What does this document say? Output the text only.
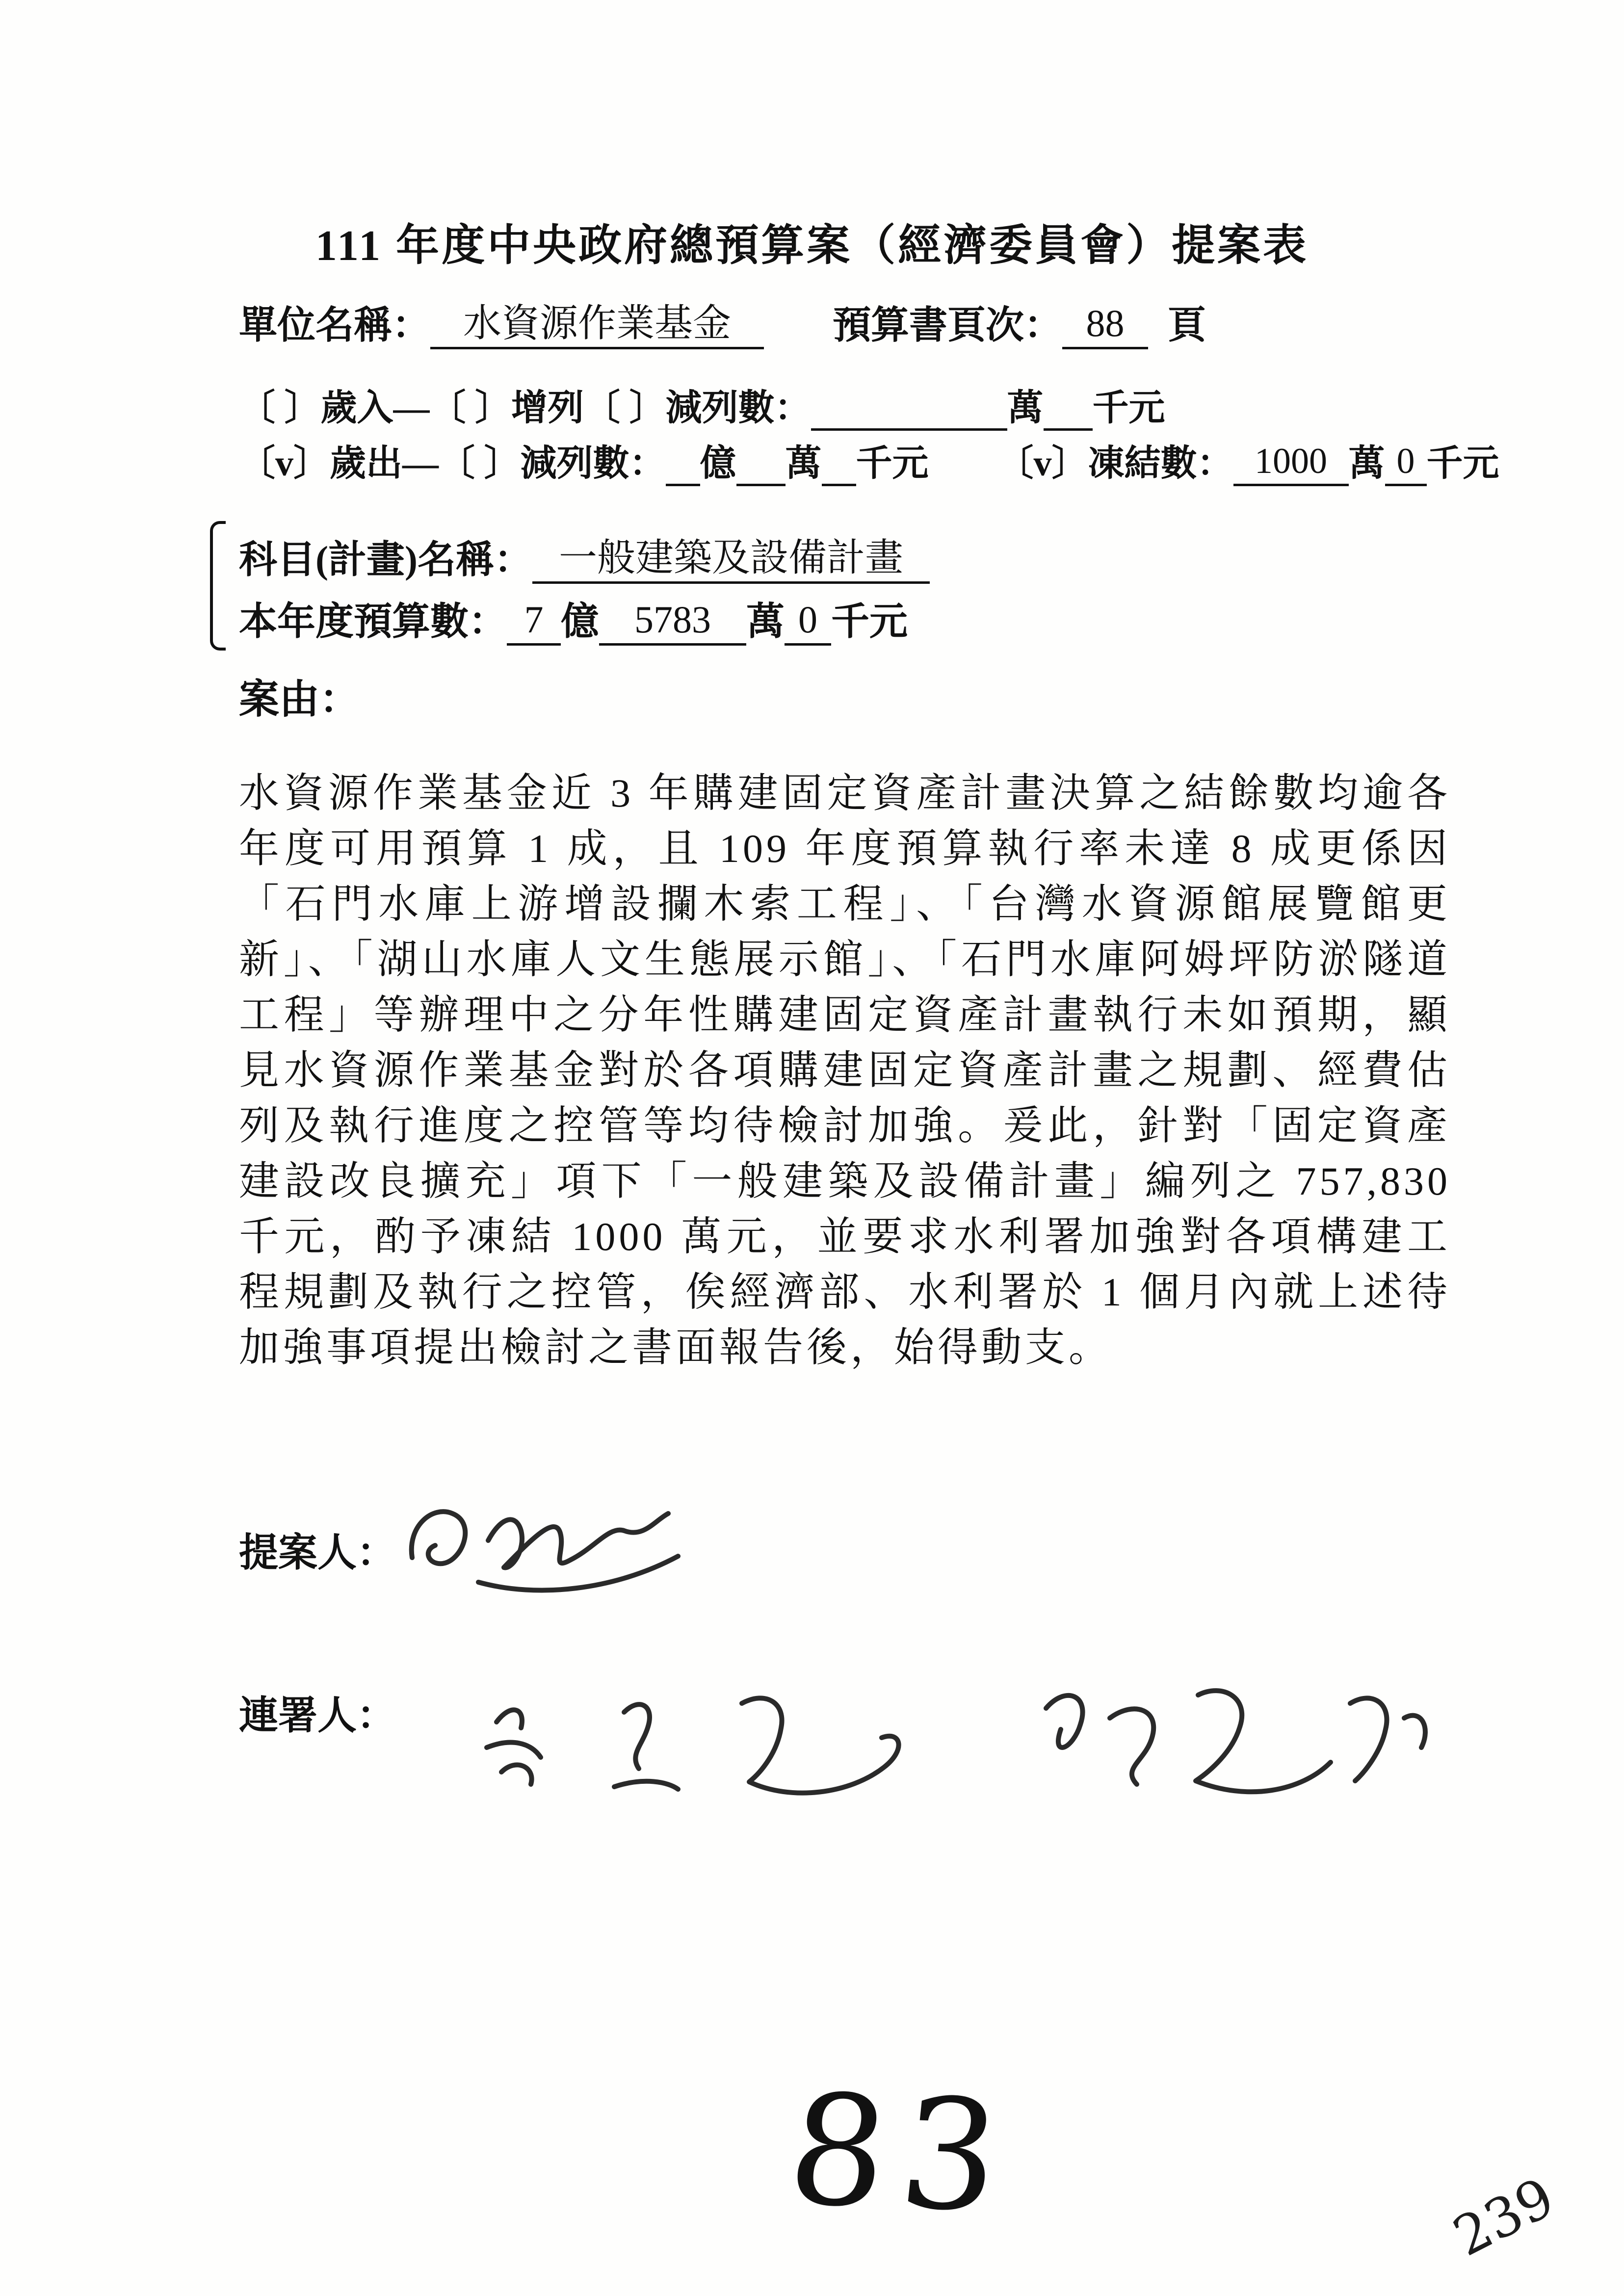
111 年度中央政府總預算案（經濟委員會）提案表
單位名稱： 水資源作業基金	預算書頁次： 88 頁
〔 〕歲入—〔 〕增列〔 〕減列數：	萬 千元
〔v〕歲出—〔 〕減列數： 億 萬 千元 〔v〕凍結數： 1000 萬 0 千元
科目(計畫)名稱： 一般建築及設備計畫
本年度預算數： 7 億 5783 萬 0 千元
案由：

水資源作業基金近 3 年購建固定資產計畫決算之結餘數均逾各年度可用預算 1 成，且 109 年度預算執行率未達 8 成更係因「石門水庫上游增設攔木索工程」、「台灣水資源館展覽館更新」、「湖山水庫人文生態展示館」、「石門水庫阿姆坪防淤隧道工程」等辦理中之分年性購建固定資產計畫執行未如預期，顯見水資源作業基金對於各項購建固定資產計畫之規劃、經費估列及執行進度之控管等均待檢討加強。爰此，針對「固定資產建設改良擴充」項下「一般建築及設備計畫」編列之 757,830 千元，酌予凍結 1000 萬元，並要求水利署加強對各項構建工程規劃及執行之控管，俟經濟部、水利署於 1 個月內就上述待加強事項提出檢討之書面報告後，始得動支。

提案人：
連署人：
83	239
